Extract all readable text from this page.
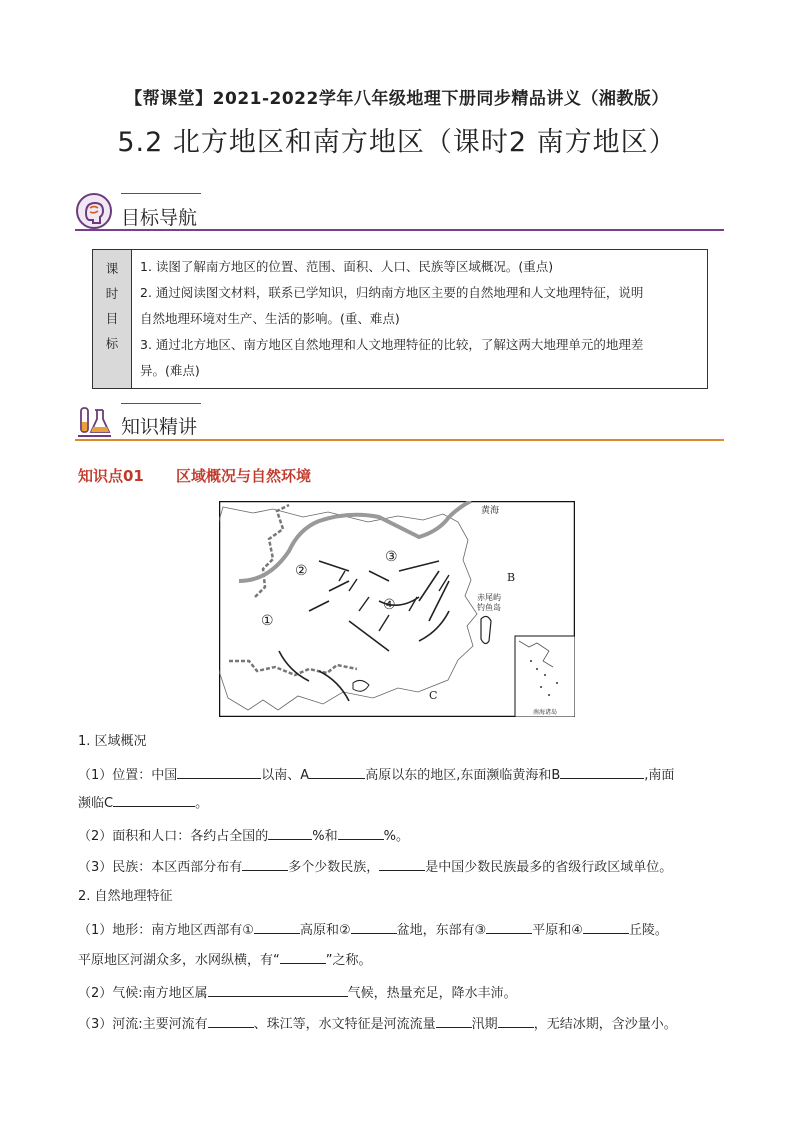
【帮课堂】2021-2022学年八年级地理下册同步精品讲义（湘教版）
5.2 北方地区和南方地区（课时2 南方地区）
目标导航
课
时
目
标

1. 读图了解南方地区的位置、范围、面积、人口、民族等区域概况。(重点)
2. 通过阅读图文材料，联系已学知识，归纳南方地区主要的自然地理和人文地理特征，说明
自然地理环境对生产、生活的影响。(重、难点)
3. 通过北方地区、南方地区自然地理和人文地理特征的比较，了解这两大地理单元的地理差
异。(难点)
知识精讲
知识点01 区域概况与自然环境
黄海
B
C
赤尾屿
钓鱼岛
①
②
③
④
南海诸岛
1. 区域概况
（1）位置：中国	以南、A	高原以东的地区,东面濒临黄海和B	,南面
濒临C	。
（2）面积和人口：各约占全国的	%和	%。
（3）民族：本区西部分布有	多个少数民族，	是中国少数民族最多的省级行政区域单位。
2. 自然地理特征
（1）地形：南方地区西部有①	高原和②	盆地，东部有③	平原和④	丘陵。
平原地区河湖众多，水网纵横，有“	”之称。
（2）气候:南方地区属	气候，热量充足，降水丰沛。
（3）河流:主要河流有	、珠江等，水文特征是河流流量	汛期	，无结冰期，含沙量小。
